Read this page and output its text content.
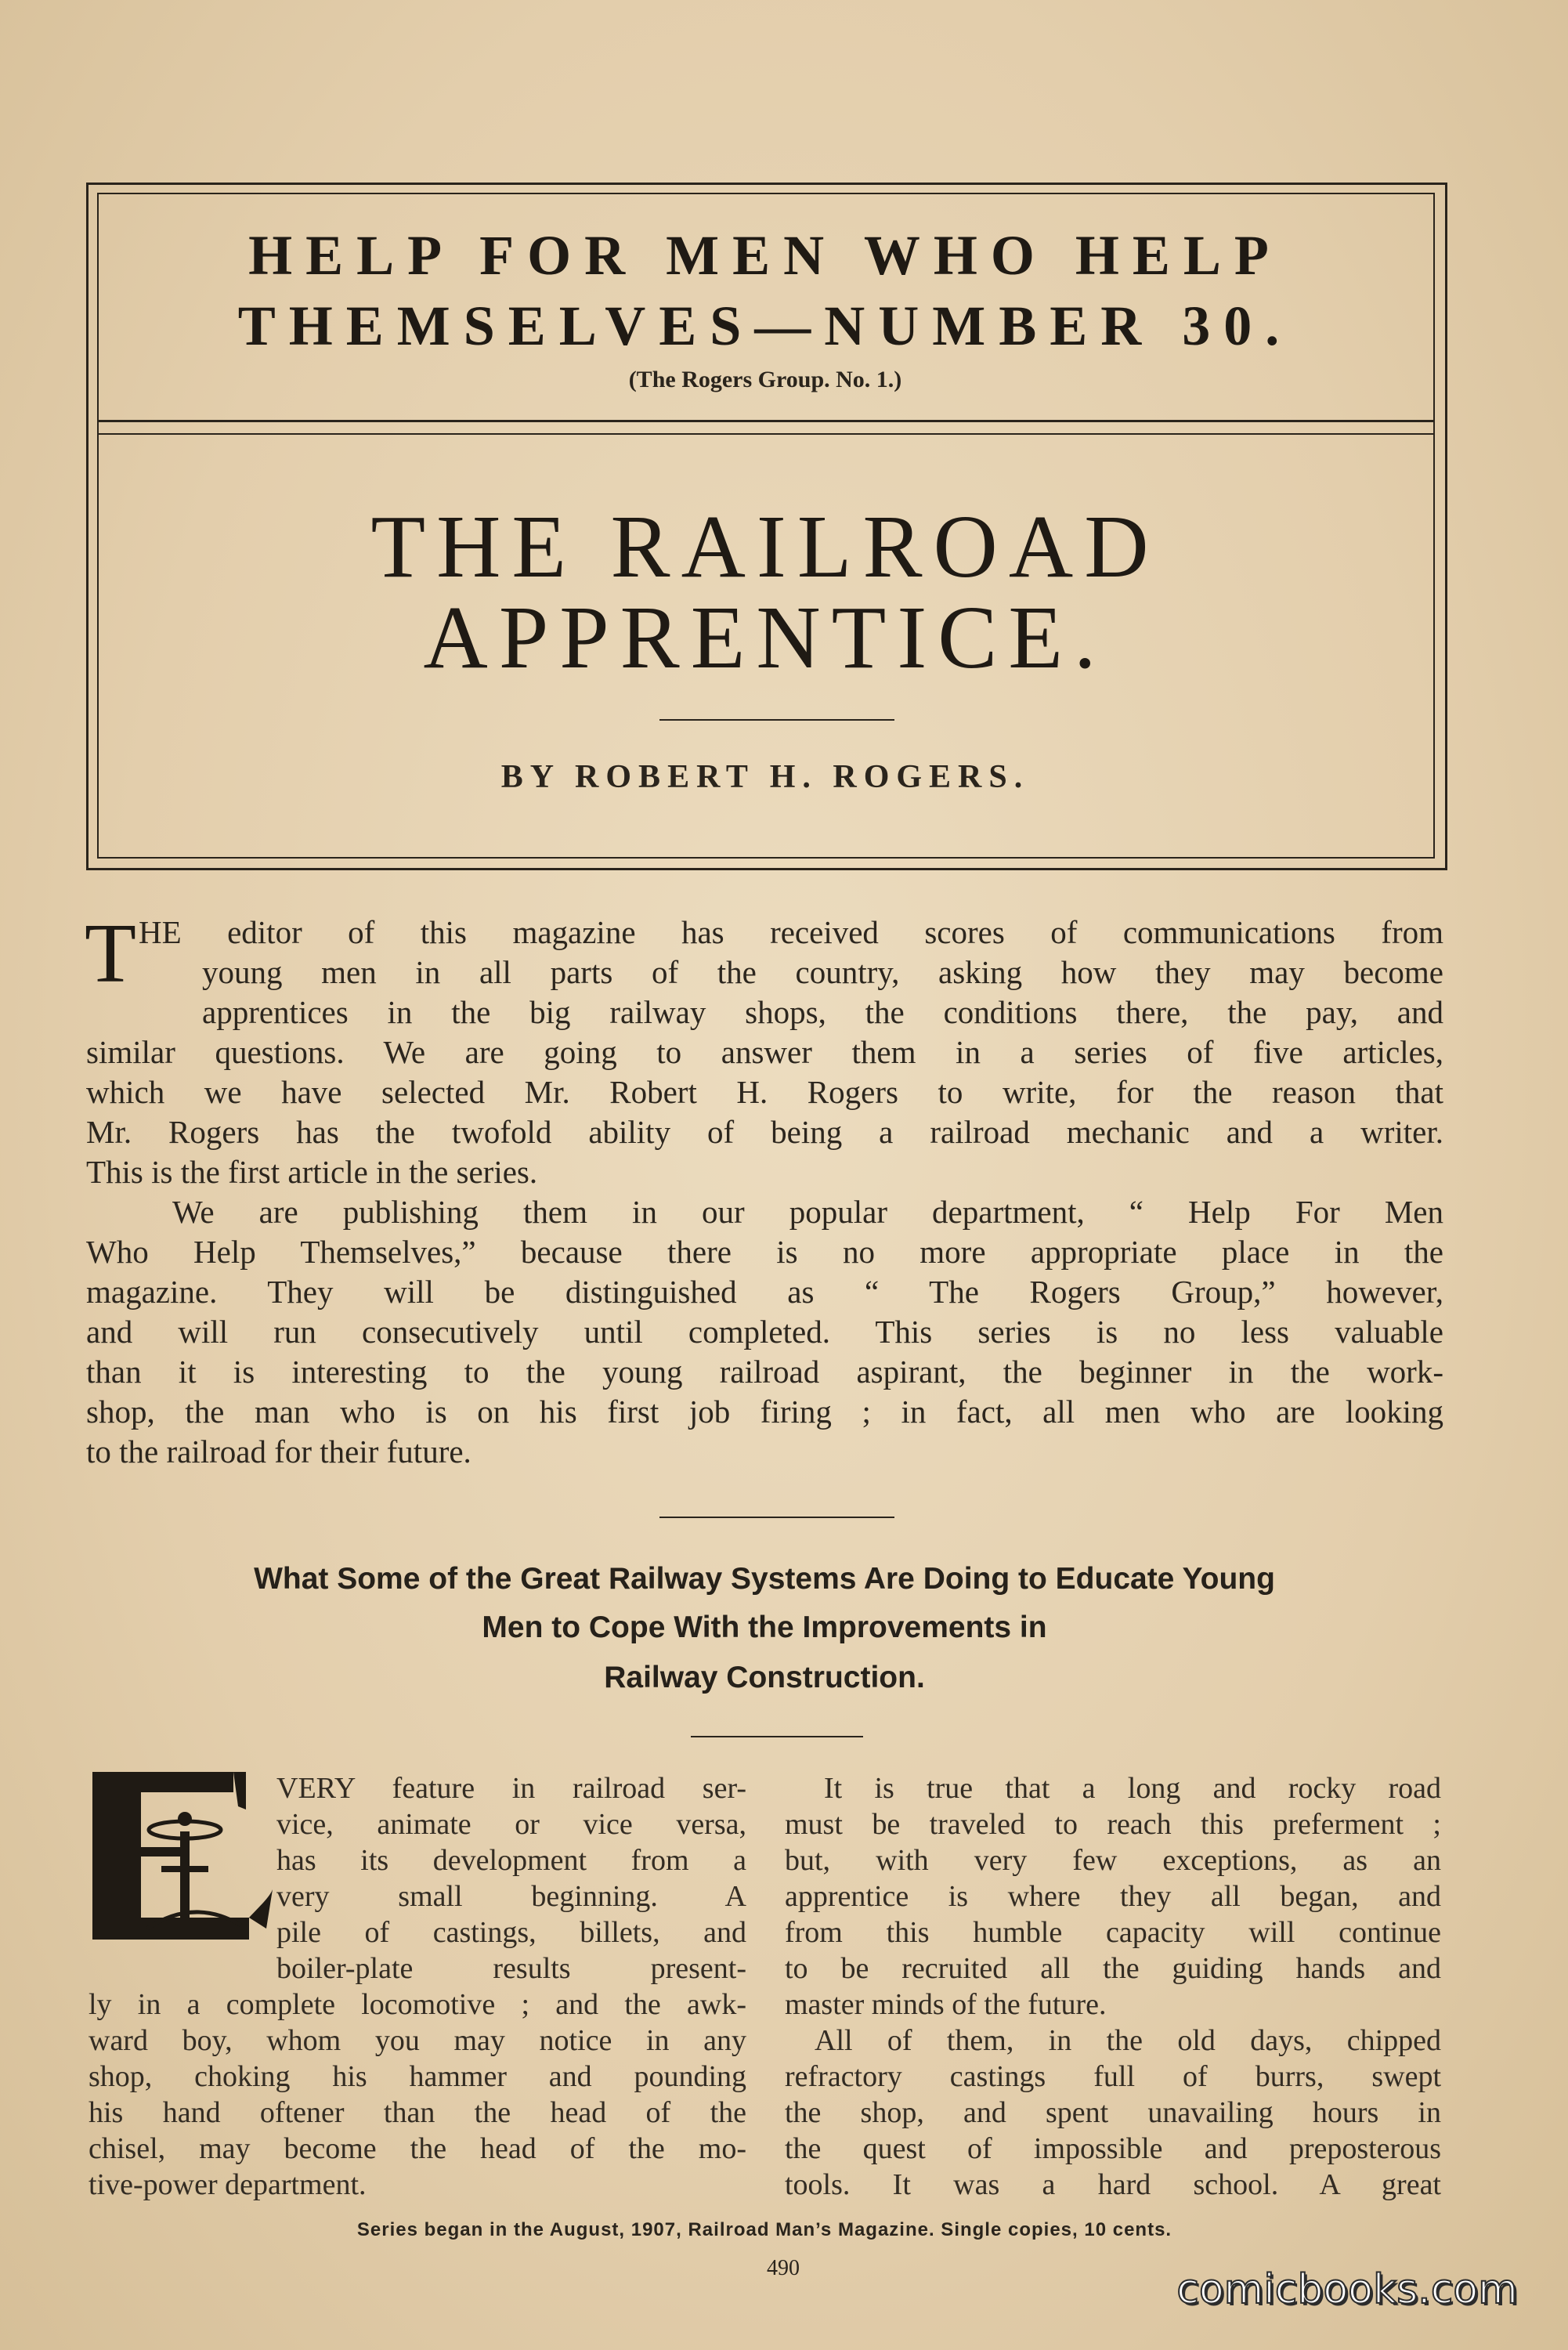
HELP FOR MEN WHO HELP
THEMSELVES—NUMBER 30.
(The Rogers Group. No. 1.)
THE RAILROAD
APPRENTICE.
BY ROBERT H. ROGERS.
T HE editor of this magazine has received scores of communications from
young men in all parts of the country, asking how they may become
apprentices in the big railway shops, the conditions there, the pay, and
similar questions. We are going to answer them in a series of five articles,
which we have selected Mr. Robert H. Rogers to write, for the reason that
Mr. Rogers has the twofold ability of being a railroad mechanic and a writer.
This is the first article in the series.
We are publishing them in our popular department, “ Help For Men
Who Help Themselves,” because there is no more appropriate place in the
magazine. They will be distinguished as “ The Rogers Group,” however,
and will run consecutively until completed. This series is no less valuable
than it is interesting to the young railroad aspirant, the beginner in the work-
shop, the man who is on his first job firing ; in fact, all men who are looking
to the railroad for their future.
What Some of the Great Railway Systems Are Doing to Educate Young
Men to Cope With the Improvements in
Railway Construction.
VERY feature in railroad ser-
vice, animate or vice versa,
has its development from a
very small beginning. A
pile of castings, billets, and
boiler-plate results present-
ly in a complete locomotive ; and the awk-
ward boy, whom you may notice in any
shop, choking his hammer and pounding
his hand oftener than the head of the
chisel, may become the head of the mo-
tive-power department.
It is true that a long and rocky road
must be traveled to reach this preferment ;
but, with very few exceptions, as an
apprentice is where they all began, and
from this humble capacity will continue
to be recruited all the guiding hands and
master minds of the future.
All of them, in the old days, chipped
refractory castings full of burrs, swept
the shop, and spent unavailing hours in
the quest of impossible and preposterous
tools. It was a hard school. A great
Series began in the August, 1907, Railroad Man’s Magazine. Single copies, 10 cents.
490	comicbooks.com
